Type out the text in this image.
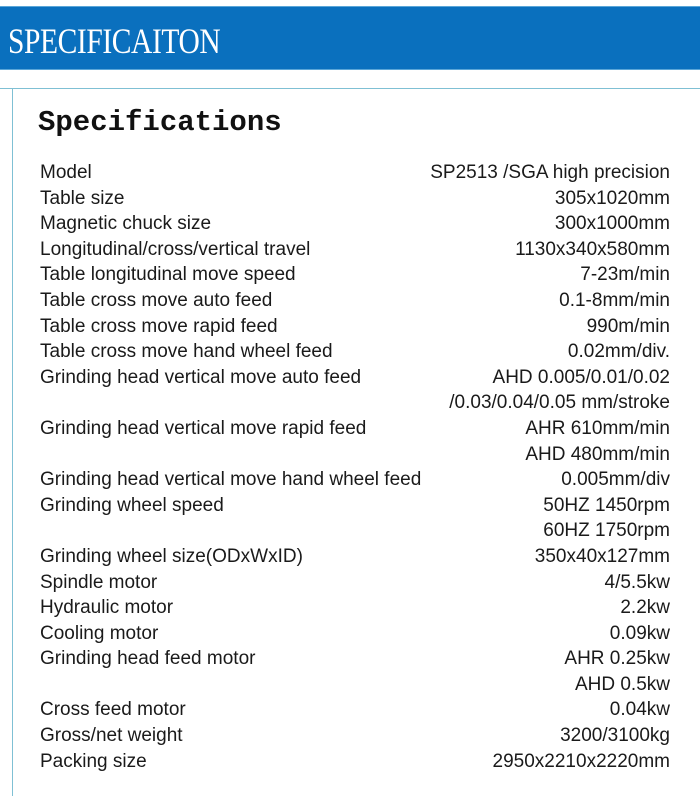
SPECIFICAITON
Specifications
Model	SP2513 /SGA high precision
Table size	305x1020mm
Magnetic chuck size	300x1000mm
Longitudinal/cross/vertical travel	1130x340x580mm
Table longitudinal move speed	7-23m/min
Table cross move auto feed	0.1-8mm/min
Table cross move rapid feed	990m/min
Table cross move hand wheel feed	0.02mm/div.
Grinding head vertical move auto feed	AHD 0.005/0.01/0.02
/0.03/0.04/0.05 mm/stroke
Grinding head vertical move rapid feed	AHR 610mm/min
AHD 480mm/min
Grinding head vertical move hand wheel feed	0.005mm/div
Grinding wheel speed	50HZ 1450rpm
60HZ 1750rpm
Grinding wheel size(ODxWxID)	350x40x127mm
Spindle motor	4/5.5kw
Hydraulic motor	2.2kw
Cooling motor	0.09kw
Grinding head feed motor	AHR 0.25kw
AHD 0.5kw
Cross feed motor	0.04kw
Gross/net weight	3200/3100kg
Packing size	2950x2210x2220mm
